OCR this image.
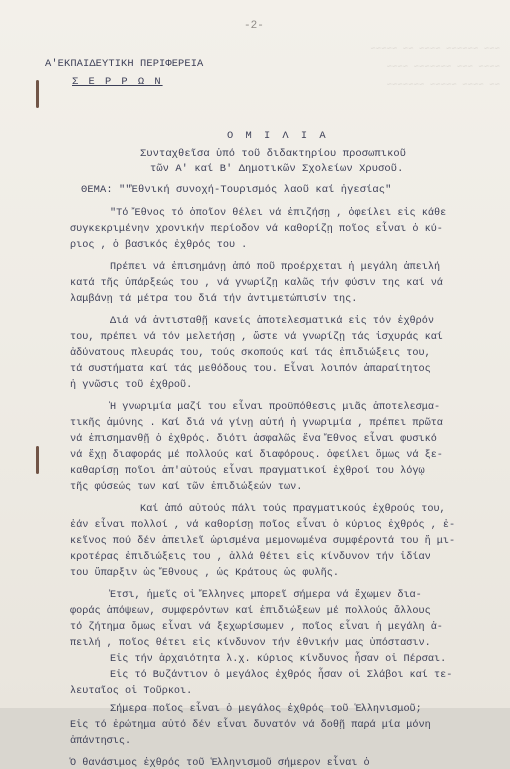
~~~ ~~~~~~ ~~~~ ~~ ~~~~~
~~~~ ~~~ ~~~~~~~ ~~~~
~~ ~~~~ ~~~~~ ~~~~~~~
-2-
Α'ΕΚΠΑΙΔΕΥΤΙΚΗ ΠΕΡΙΦΕΡΕΙΑ
Σ Ε Ρ Ρ Ω Ν
Ο Μ Ι Λ Ι Α
Συνταχθεῖσα ὑπό τοῦ διδακτηρίου προσωπικοῦ
τῶν Α' καί Β' Δημοτικῶν Σχολείων Χρυσοῦ.
ΘΕΜΑ: ""Ἐθνική συνοχή-Τουρισμός λαοῦ καί ἡγεσίας"
"Τό Ἔθνος τό ὁποῖον θέλει νά ἐπιζήσῃ , ὀφείλει εἰς κάθε
συγκεκριμένην χρονικήν περίοδον νά καθορίζῃ ποῖος εἶναι ὁ κύ-
ριος , ὁ βασικός ἐχθρός του .
Πρέπει νά ἐπισημάνῃ ἀπό ποῦ προέρχεται ἡ μεγάλη ἀπειλή
κατά τῆς ὑπάρξεώς του , νά γνωρίζῃ καλῶς τήν φύσιν της καί νά
λαμβάνῃ τά μέτρα του διά τήν ἀντιμετώπισίν της.
Διά νά ἀντισταθῇ κανείς ἀποτελεσματικά εἰς τόν ἐχθρόν
του, πρέπει νά τόν μελετήσῃ , ὥστε νά γνωρίζῃ τάς ἰσχυράς καί
ἀδύνατους πλευράς του, τούς σκοπούς καί τάς ἐπιδιώξεις του,
τά συστήματα καί τάς μεθόδους του. Εἶναι λοιπόν ἀπαραίτητος
ἡ γνῶσις τοῦ ἐχθροῦ.
Ἡ γνωριμία μαζί του εἶναι προϋπόθεσις μιᾶς ἀποτελεσμα-
τικῆς ἀμύνης . Καί διά νά γίνῃ αὐτή ἡ γνωριμία , πρέπει πρῶτα
νά ἐπισημανθῇ ὁ ἐχθρός. διότι ἀσφαλῶς ἕνα Ἔθνος εἶναι φυσικό
νά ἔχῃ διαφοράς μέ πολλούς καί διαφόρους. ὀφείλει ὅμως νά ξε-
καθαρίσῃ ποῖοι ἀπ'αὐτούς εἶναι πραγματικοί ἐχθροί του λόγῳ
τῆς φύσεώς των καί τῶν ἐπιδιώξεών των.
Καί ἀπό αὐτούς πάλι τούς πραγματικούς ἐχθρούς του,
ἐάν εἶναι πολλοί , νά καθορίσῃ ποῖος εἶναι ὁ κύριος ἐχθρός , ἐ-
κεῖνος πού δέν ἀπειλεῖ ὡρισμένα μεμονωμένα συμφέροντά του ἤ μι-
κροτέρας ἐπιδιώξεις του , ἀλλά θέτει εἰς κίνδυνον τήν ἰδίαν
του ὕπαρξιν ὡς Ἔθνους , ὡς Κράτους ὡς φυλῆς.
Ἐτσι, ἡμεῖς οἱ Ἕλληνες μπορεῖ σήμερα νά ἔχωμεν δια-
φοράς ἀπόψεων, συμφερόντων καί ἐπιδιώξεων μέ πολλούς ἄλλους
τό ζήτημα ὅμως εἶναι νά ξεχωρίσωμεν , ποῖος εἶναι ἡ μεγάλη ἀ-
πειλή , ποῖος θέτει εἰς κίνδυνον τήν ἐθνικήν μας ὑπόστασιν.
Εἰς τήν ἀρχαιότητα λ.χ. κύριος κίνδυνος ἦσαν οἱ Πέρσαι.
Εἰς τό Βυζάντιον ὁ μεγάλος ἐχθρός ἦσαν οἱ Σλάβοι καί τε-
λευταῖος οἱ Τοῦρκοι.
Σήμερα ποῖος εἶναι ὁ μεγάλος ἐχθρός τοῦ Ἑλληνισμοῦ;
Εἰς τό ἐρώτημα αὐτό δέν εἶναι δυνατόν νά δοθῇ παρά μία μόνη
ἀπάντησις.
Ὁ θανάσιμος ἐχθρός τοῦ Ἑλληνισμοῦ σήμερον εἶναι ὁ
